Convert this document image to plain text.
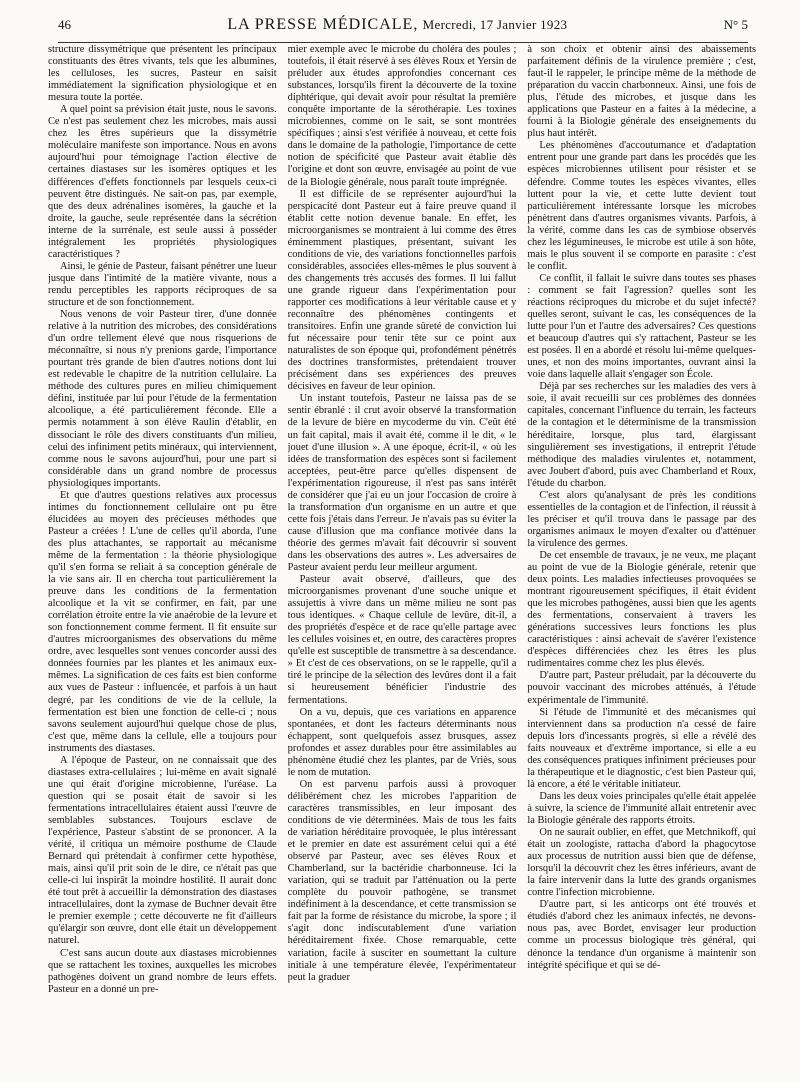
46	LA PRESSE MÉDICALE, Mercredi, 17 Janvier 1923	N° 5

structure dissymétrique que présentent les principaux constituants des êtres vivants, tels que les albumines, les celluloses, les sucres, Pasteur en saisit immédiatement la signification physiologique et en mesura toute la portée.

A quel point sa prévision était juste, nous le savons. Ce n'est pas seulement chez les microbes, mais aussi chez les êtres supérieurs que la dissymétrie moléculaire manifeste son importance. Nous en avons aujourd'hui pour témoignage l'action élective de certaines diastases sur les isomères optiques et les différences d'effets fonctionnels par lesquels ceux-ci peuvent être distingués. Ne sait-on pas, par exemple, que des deux adrénalines isomères, la gauche et la droite, la gauche, seule représentée dans la sécrétion interne de la surrénale, est seule aussi à posséder intégralement les propriétés physiologiques caractéristiques ?

Ainsi, le génie de Pasteur, faisant pénétrer une lueur jusque dans l'intimité de la matière vivante, nous a rendu perceptibles les rapports réciproques de sa structure et de son fonctionnement.

Nous venons de voir Pasteur tirer, d'une donnée relative à la nutrition des microbes, des considérations d'un ordre tellement élevé que nous risquerions de méconnaître, si nous n'y prenions garde, l'importance pourtant très grande de bien d'autres notions dont lui est redevable le chapitre de la nutrition cellulaire. La méthode des cultures pures en milieu chimiquement défini, instituée par lui pour l'étude de la fermentation alcoolique, a été particulièrement féconde. Elle a permis notamment à son élève Raulin d'établir, en dissociant le rôle des divers constituants d'un milieu, celui des infiniment petits minéraux, qui interviennent, comme nous le savons aujourd'hui, pour une part si considérable dans un grand nombre de processus physiologiques importants.

Et que d'autres questions relatives aux processus intimes du fonctionnement cellulaire ont pu être élucidées au moyen des précieuses méthodes que Pasteur a créées ! L'une de celles qu'il aborda, l'une des plus attachantes, se rapportait au mécanisme même de la fermentation : la théorie physiologique qu'il s'en forma se reliait à sa conception générale de la vie sans air. Il en chercha tout particulièrement la preuve dans les conditions de la fermentation alcoolique et la vit se confirmer, en fait, par une corrélation étroite entre la vie anaérobie de la levure et son fonctionnement comme ferment. Il fit ensuite sur d'autres microorganismes des observations du même ordre, avec lesquelles sont venues concorder aussi des données fournies par les plantes et les animaux eux-mêmes. La signification de ces faits est bien conforme aux vues de Pasteur : influencée, et parfois à un haut degré, par les conditions de vie de la cellule, la fermentation est bien une fonction de celle-ci ; nous savons seulement aujourd'hui quelque chose de plus, c'est que, même dans la cellule, elle a toujours pour instruments des diastases.

A l'époque de Pasteur, on ne connaissait que des diastases extra-cellulaires ; lui-même en avait signalé une qui était d'origine microbienne, l'uréase. La question qui se posait était de savoir si les fermentations intracellulaires étaient aussi l'œuvre de semblables substances. Toujours esclave de l'expérience, Pasteur s'abstint de se prononcer. A la vérité, il critiqua un mémoire posthume de Claude Bernard qui prétendait à confirmer cette hypothèse, mais, ainsi qu'il prit soin de le dire, ce n'était pas que celle-ci lui inspirât la moindre hostilité. Il aurait donc été tout prêt à accueillir la démonstration des diastases intracellulaires, dont la zymase de Buchner devait être le premier exemple ; cette découverte ne fit d'ailleurs qu'élargir son œuvre, dont elle était un développement naturel.

C'est sans aucun doute aux diastases microbiennes que se rattachent les toxines, auxquelles les microbes pathogènes doivent un grand nombre de leurs effets. Pasteur en a donné un pre-

mier exemple avec le microbe du choléra des poules ; toutefois, il était réservé à ses élèves Roux et Yersin de préluder aux études approfondies concernant ces substances, lorsqu'ils firent la découverte de la toxine diphtérique, qui devait avoir pour résultat la première conquête importante de la sérothérapie. Les toxines microbiennes, comme on le sait, se sont montrées spécifiques ; ainsi s'est vérifiée à nouveau, et cette fois dans le domaine de la pathologie, l'importance de cette notion de spécificité que Pasteur avait établie dès l'origine et dont son œuvre, envisagée au point de vue de la Biologie générale, nous paraît toute imprégnée.

Il est difficile de se représenter aujourd'hui la perspicacité dont Pasteur eut à faire preuve quand il établit cette notion devenue banale. En effet, les microorganismes se montraient à lui comme des êtres éminemment plastiques, présentant, suivant les conditions de vie, des variations fonctionnelles parfois considérables, associées elles-mêmes le plus souvent à des changements très accusés des formes. Il lui fallut une grande rigueur dans l'expérimentation pour rapporter ces modifications à leur véritable cause et y reconnaître des phénomènes contingents et transitoires. Enfin une grande sûreté de conviction lui fut nécessaire pour tenir tête sur ce point aux naturalistes de son époque qui, profondément pénétrés des doctrines transformistes, prétendaient trouver précisément dans ses expériences des preuves décisives en faveur de leur opinion.

Un instant toutefois, Pasteur ne laissa pas de se sentir ébranlé : il crut avoir observé la transformation de la levure de bière en mycoderme du vin. C'eût été un fait capital, mais il avait été, comme il le dit, « le jouet d'une illusion ». A une époque, écrit-il, « où les idées de transformation des espèces sont si facilement acceptées, peut-être parce qu'elles dispensent de l'expérimentation rigoureuse, il n'est pas sans intérêt de considérer que j'ai eu un jour l'occasion de croire à la transformation d'un organisme en un autre et que cette fois j'étais dans l'erreur. Je n'avais pas su éviter la cause d'illusion que ma confiance motivée dans la théorie des germes m'avait fait découvrir si souvent dans les observations des autres ». Les adversaires de Pasteur avaient perdu leur meilleur argument.

Pasteur avait observé, d'ailleurs, que des microorganismes provenant d'une souche unique et assujettis à vivre dans un même milieu ne sont pas tous identiques. « Chaque cellule de levûre, dit-il, a des propriétés d'espèce et de race qu'elle partage avec les cellules voisines et, en outre, des caractères propres qu'elle est susceptible de transmettre à sa descendance. » Et c'est de ces observations, on se le rappelle, qu'il a tiré le principe de la sélection des levûres dont il a fait si heureusement bénéficier l'industrie des fermentations.

On a vu, depuis, que ces variations en apparence spontanées, et dont les facteurs déterminants nous échappent, sont quelquefois assez brusques, assez profondes et assez durables pour être assimilables au phénomène étudié chez les plantes, par de Vriès, sous le nom de mutation.

On est parvenu parfois aussi à provoquer délibérément chez les microbes l'apparition de caractères transmissibles, en leur imposant des conditions de vie déterminées. Mais de tous les faits de variation héréditaire provoquée, le plus intéressant et le premier en date est assurément celui qui a été observé par Pasteur, avec ses élèves Roux et Chamberland, sur la bactéridie charbonneuse. Ici la variation, qui se traduit par l'atténuation ou la perte complète du pouvoir pathogène, se transmet indéfiniment à la descendance, et cette transmission se fait par la forme de résistance du microbe, la spore ; il s'agit donc indiscutablement d'une variation héréditairement fixée. Chose remarquable, cette variation, facile à susciter en soumettant la culture initiale à une température élevée, l'expérimentateur peut la graduer

à son choix et obtenir ainsi des abaissements parfaitement définis de la virulence première ; c'est, faut-il le rappeler, le principe même de la méthode de préparation du vaccin charbonneux. Ainsi, une fois de plus, l'étude des microbes, et jusque dans les applications que Pasteur en a faites à la médecine, a fourni à la Biologie générale des enseignements du plus haut intérêt.

Les phénomènes d'accoutumance et d'adaptation entrent pour une grande part dans les procédés que les espèces microbiennes utilisent pour résister et se défendre. Comme toutes les espèces vivantes, elles luttent pour la vie, et cette lutte devient tout particulièrement intéressante lorsque les microbes pénètrent dans d'autres organismes vivants. Parfois, à la vérité, comme dans les cas de symbiose observés chez les légumineuses, le microbe est utile à son hôte, mais le plus souvent il se comporte en parasite : c'est le conflit.

Ce conflit, il fallait le suivre dans toutes ses phases : comment se fait l'agression? quelles sont les réactions réciproques du microbe et du sujet infecté? quelles seront, suivant le cas, les conséquences de la lutte pour l'un et l'autre des adversaires? Ces questions et beaucoup d'autres qui s'y rattachent, Pasteur se les est posées. Il en a abordé et résolu lui-même quelques-unes, et non des moins importantes, ouvrant ainsi la voie dans laquelle allait s'engager son École.

Déjà par ses recherches sur les maladies des vers à soie, il avait recueilli sur ces problèmes des données capitales, concernant l'influence du terrain, les facteurs de la contagion et le déterminisme de la transmission héréditaire, lorsque, plus tard, élargissant singulièrement ses investigations, il entreprit l'étude méthodique des maladies virulentes et, notamment, avec Joubert d'abord, puis avec Chamberland et Roux, l'étude du charbon.

C'est alors qu'analysant de près les conditions essentielles de la contagion et de l'infection, il réussit à les préciser et qu'il trouva dans le passage par des organismes animaux le moyen d'exalter ou d'atténuer la virulence des germes.

De cet ensemble de travaux, je ne veux, me plaçant au point de vue de la Biologie générale, retenir que deux points. Les maladies infectieuses provoquées se montrant rigoureusement spécifiques, il était évident que les microbes pathogènes, aussi bien que les agents des fermentations, conservaient à travers les générations successives leurs fonctions les plus caractéristiques : ainsi achevait de s'avérer l'existence d'espèces différenciées chez les êtres les plus rudimentaires comme chez les plus élevés.

D'autre part, Pasteur préludait, par la découverte du pouvoir vaccinant des microbes atténués, à l'étude expérimentale de l'immunité.

Si l'étude de l'immunité et des mécanismes qui interviennent dans sa production n'a cessé de faire depuis lors d'incessants progrès, si elle a révélé des faits nouveaux et d'extrême importance, si elle a eu des conséquences pratiques infiniment précieuses pour la thérapeutique et le diagnostic, c'est bien Pasteur qui, là encore, a été le véritable initiateur.

Dans les deux voies principales qu'elle était appelée à suivre, la science de l'immunité allait entretenir avec la Biologie générale des rapports étroits.

On ne saurait oublier, en effet, que Metchnikoff, qui était un zoologiste, rattacha d'abord la phagocytose aux processus de nutrition aussi bien que de défense, lorsqu'il la découvrit chez les êtres inférieurs, avant de la faire intervenir dans la lutte des grands organismes contre l'infection microbienne.

D'autre part, si les anticorps ont été trouvés et étudiés d'abord chez les animaux infectés, ne devons-nous pas, avec Bordet, envisager leur production comme un processus biologique très général, qui dénonce la tendance d'un organisme à maintenir son intégrité spécifique et qui se dé-
